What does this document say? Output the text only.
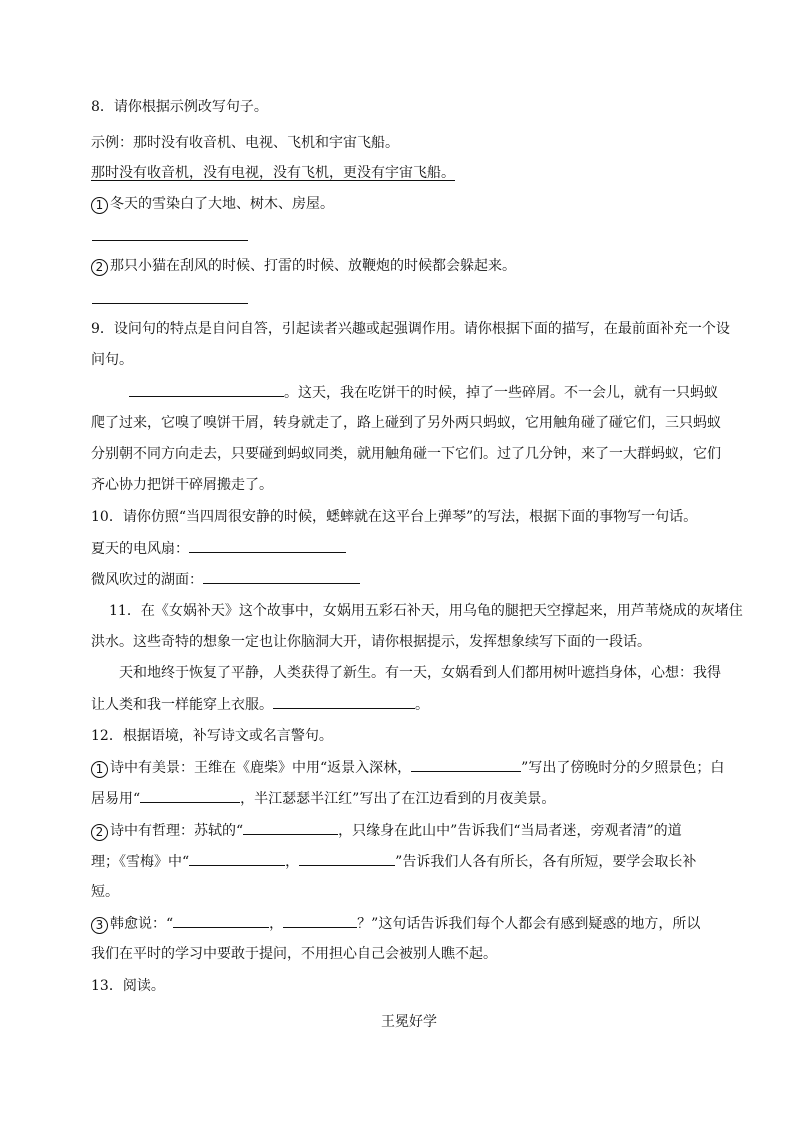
8．请你根据示例改写句子。
示例：那时没有收音机、电视、飞机和宇宙飞船。
那时没有收音机，没有电视，没有飞机，更没有宇宙飞船。
1 冬天的雪染白了大地、树木、房屋。
2 那只小猫在刮风的时候、打雷的时候、放鞭炮的时候都会躲起来。
9．设问句的特点是自问自答，引起读者兴趣或起强调作用。请你根据下面的描写，在最前面补充一个设
问句。
。这天，我在吃饼干的时候，掉了一些碎屑。不一会儿，就有一只蚂蚁
爬了过来，它嗅了嗅饼干屑，转身就走了，路上碰到了另外两只蚂蚁，它用触角碰了碰它们，三只蚂蚁
分别朝不同方向走去，只要碰到蚂蚁同类，就用触角碰一下它们。过了几分钟，来了一大群蚂蚁，它们
齐心协力把饼干碎屑搬走了。
10．请你仿照“当四周很安静的时候，蟋蟀就在这平台上弹琴”的写法，根据下面的事物写一句话。
夏天的电风扇：
微风吹过的湖面：
11．在《女娲补天》这个故事中，女娲用五彩石补天，用乌龟的腿把天空撑起来，用芦苇烧成的灰堵住
洪水。这些奇特的想象一定也让你脑洞大开，请你根据提示，发挥想象续写下面的一段话。
天和地终于恢复了平静，人类获得了新生。有一天，女娲看到人们都用树叶遮挡身体，心想：我得
让人类和我一样能穿上衣服。	。
12．根据语境，补写诗文或名言警句。
1 诗中有美景：王维在《鹿柴》中用“返景入深林，	”写出了傍晚时分的夕照景色；白
居易用“	，半江瑟瑟半江红”写出了在江边看到的月夜美景。
2 诗中有哲理：苏轼的“	，只缘身在此山中”告诉我们“当局者迷，旁观者清”的道
理；《雪梅》中“	，	”告诉我们人各有所长，各有所短，要学会取长补
短。
3 韩愈说：“	，	？”这句话告诉我们每个人都会有感到疑惑的地方，所以
我们在平时的学习中要敢于提问，不用担心自己会被别人瞧不起。
13．阅读。
王冕好学
